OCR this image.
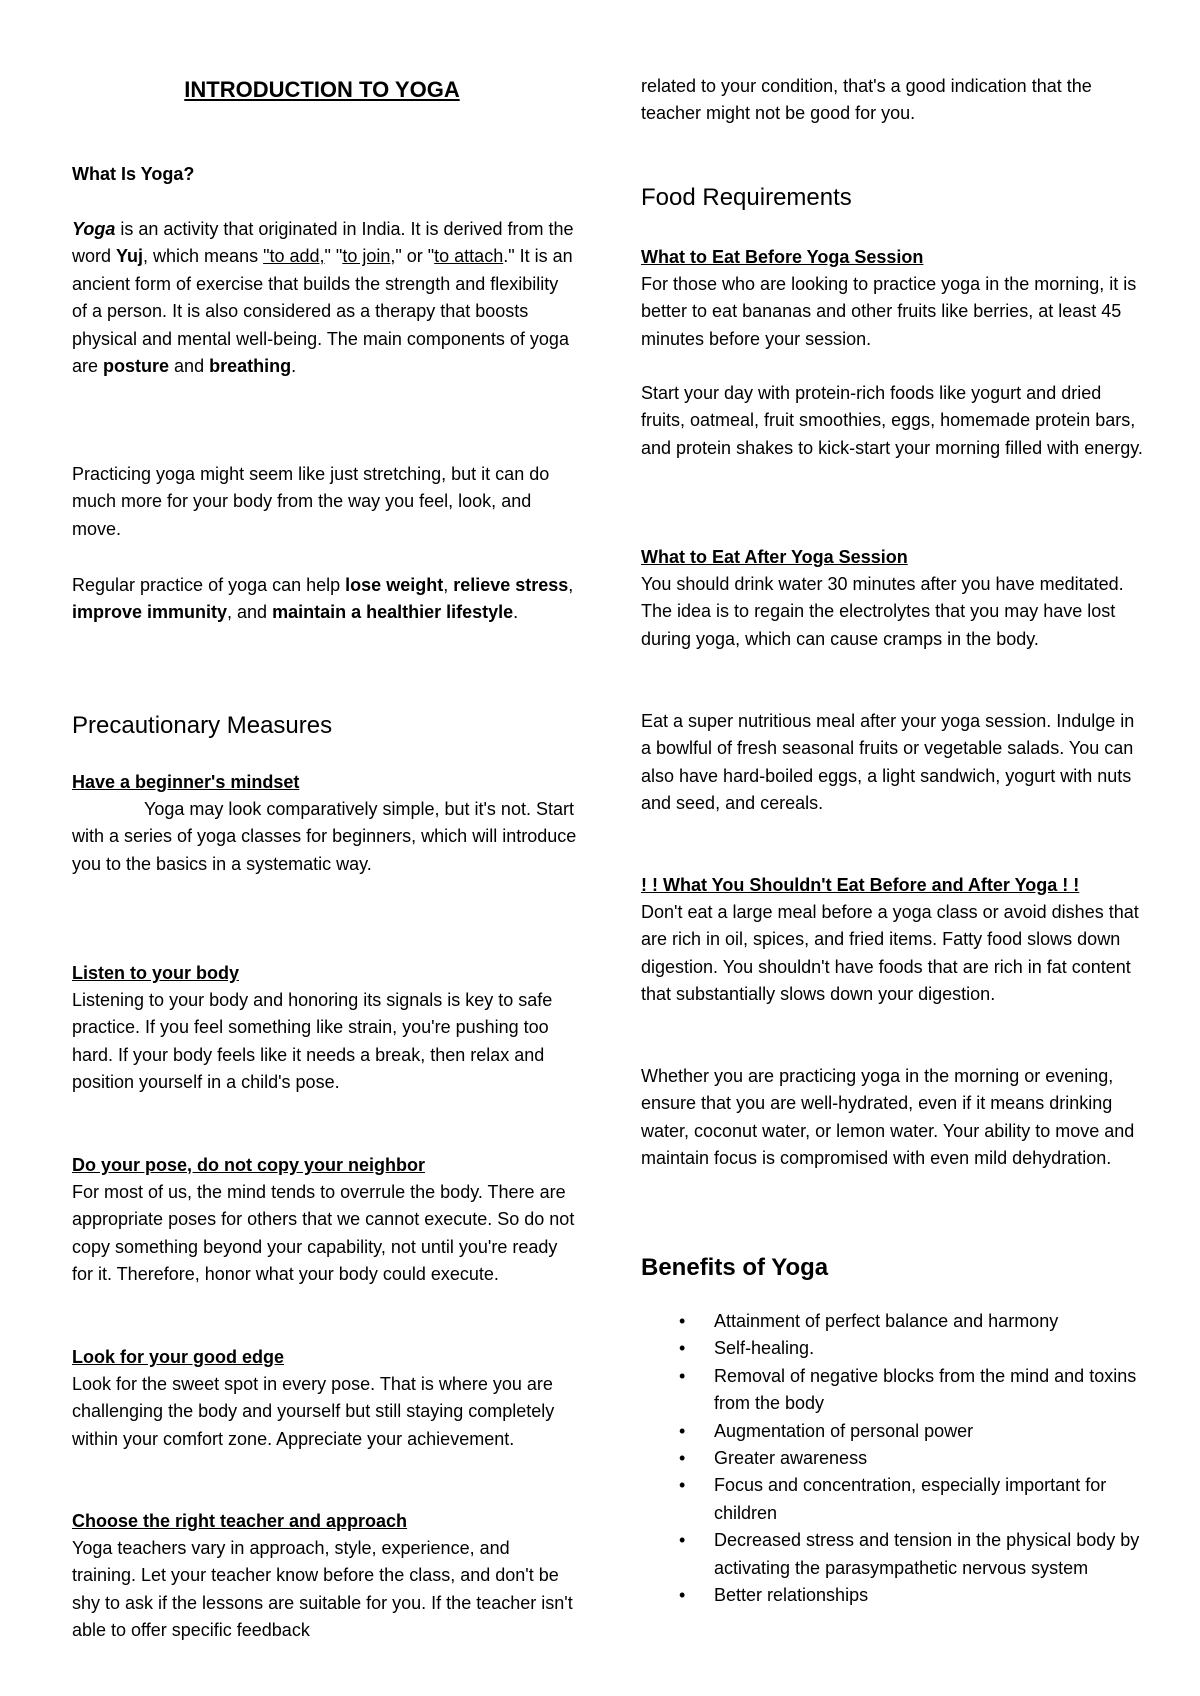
INTRODUCTION TO YOGA
What Is Yoga?

Yoga is an activity that originated in India. It is derived from the word Yuj, which means "to add," "to join," or "to attach." It is an ancient form of exercise that builds the strength and flexibility of a person. It is also considered as a therapy that boosts physical and mental well-being. The main components of yoga are posture and breathing.

Practicing yoga might seem like just stretching, but it can do much more for your body from the way you feel, look, and move.

Regular practice of yoga can help lose weight, relieve stress, improve immunity, and maintain a healthier lifestyle.

Precautionary Measures
Have a beginner's mindset

Yoga may look comparatively simple, but it's not. Start with a series of yoga classes for beginners, which will introduce you to the basics in a systematic way.

Listen to your body

Listening to your body and honoring its signals is key to safe practice. If you feel something like strain, you're pushing too hard. If your body feels like it needs a break, then relax and position yourself in a child's pose.

Do your pose, do not copy your neighbor

For most of us, the mind tends to overrule the body. There are appropriate poses for others that we cannot execute. So do not copy something beyond your capability, not until you're ready for it. Therefore, honor what your body could execute.

Look for your good edge

Look for the sweet spot in every pose. That is where you are challenging the body and yourself but still staying completely within your comfort zone. Appreciate your achievement.

Choose the right teacher and approach

Yoga teachers vary in approach, style, experience, and training. Let your teacher know before the class, and don't be shy to ask if the lessons are suitable for you. If the teacher isn't able to offer specific feedback

related to your condition, that's a good indication that the teacher might not be good for you.

Food Requirements
What to Eat Before Yoga Session

For those who are looking to practice yoga in the morning, it is better to eat bananas and other fruits like berries, at least 45 minutes before your session.

Start your day with protein-rich foods like yogurt and dried fruits, oatmeal, fruit smoothies, eggs, homemade protein bars, and protein shakes to kick-start your morning filled with energy.

What to Eat After Yoga Session

You should drink water 30 minutes after you have meditated. The idea is to regain the electrolytes that you may have lost during yoga, which can cause cramps in the body.

Eat a super nutritious meal after your yoga session. Indulge in a bowlful of fresh seasonal fruits or vegetable salads. You can also have hard-boiled eggs, a light sandwich, yogurt with nuts and seed, and cereals.

! ! What You Shouldn't Eat Before and After Yoga ! !

Don't eat a large meal before a yoga class or avoid dishes that are rich in oil, spices, and fried items. Fatty food slows down digestion. You shouldn't have foods that are rich in fat content that substantially slows down your digestion.

Whether you are practicing yoga in the morning or evening, ensure that you are well-hydrated, even if it means drinking water, coconut water, or lemon water. Your ability to move and maintain focus is compromised with even mild dehydration.

Benefits of Yoga
• Attainment of perfect balance and harmony
• Self-healing.
• Removal of negative blocks from the mind and toxins from the body
• Augmentation of personal power
• Greater awareness
• Focus and concentration, especially important for children
• Decreased stress and tension in the physical body by activating the parasympathetic nervous system
• Better relationships
